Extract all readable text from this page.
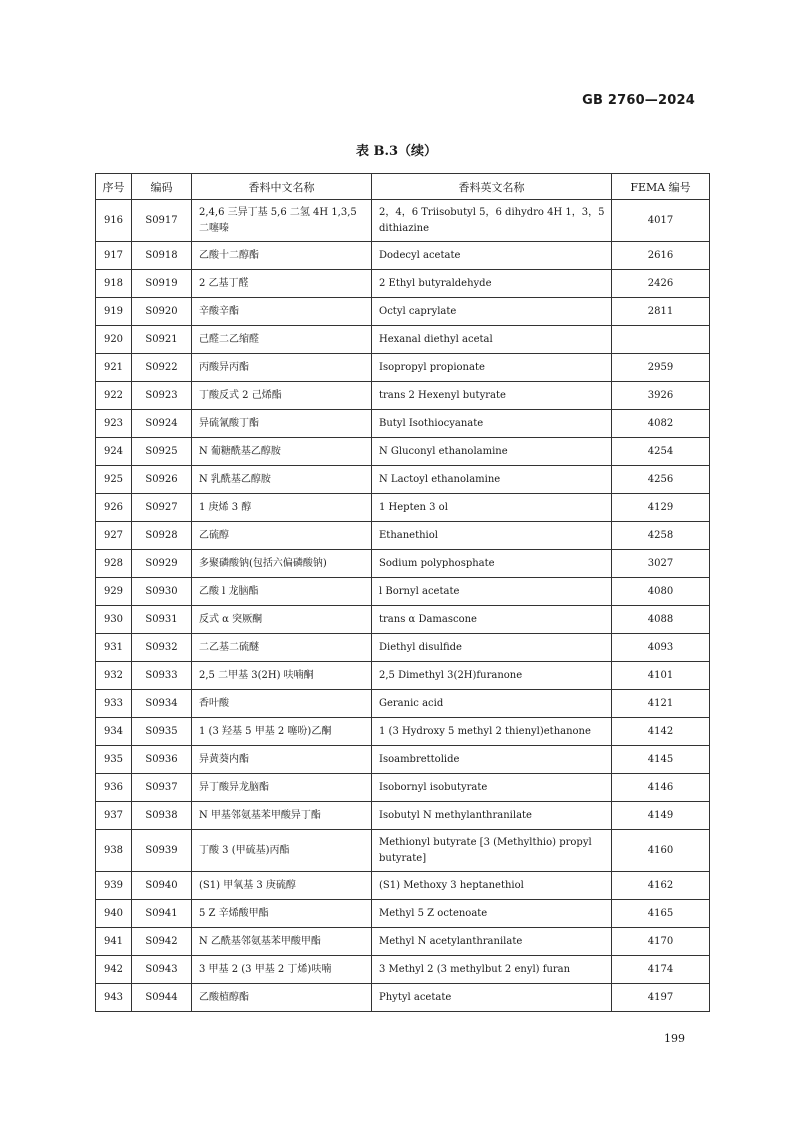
GB 2760—2024
表 B.3（续）
序号	编码	香料中文名称	香料英文名称	FEMA 编号
916	S0917	2,4,6 三异丁基 5,6 二氢 4H 1,3,5 二噻嗪	2，4，6 Triisobutyl 5，6 dihydro 4H 1，3，5 dithiazine	4017
917	S0918	乙酸十二醇酯	Dodecyl acetate	2616
918	S0919	2 乙基丁醛	2 Ethyl butyraldehyde	2426
919	S0920	辛酸辛酯	Octyl caprylate	2811
920	S0921	己醛二乙缩醛	Hexanal diethyl acetal	
921	S0922	丙酸异丙酯	Isopropyl propionate	2959
922	S0923	丁酸反式 2 己烯酯	trans 2 Hexenyl butyrate	3926
923	S0924	异硫氰酸丁酯	Butyl Isothiocyanate	4082
924	S0925	N 葡糖酰基乙醇胺	N Gluconyl ethanolamine	4254
925	S0926	N 乳酰基乙醇胺	N Lactoyl ethanolamine	4256
926	S0927	1 庚烯 3 醇	1 Hepten 3 ol	4129
927	S0928	乙硫醇	Ethanethiol	4258
928	S0929	多聚磷酸钠(包括六偏磷酸钠)	Sodium polyphosphate	3027
929	S0930	乙酸 l 龙脑酯	l Bornyl acetate	4080
930	S0931	反式 α 突厥酮	trans α Damascone	4088
931	S0932	二乙基二硫醚	Diethyl disulfide	4093
932	S0933	2,5 二甲基 3(2H) 呋喃酮	2,5 Dimethyl 3(2H)furanone	4101
933	S0934	香叶酸	Geranic acid	4121
934	S0935	1 (3 羟基 5 甲基 2 噻吩)乙酮	1 (3 Hydroxy 5 methyl 2 thienyl)ethanone	4142
935	S0936	异黄葵内酯	Isoambrettolide	4145
936	S0937	异丁酸异龙脑酯	Isobornyl isobutyrate	4146
937	S0938	N 甲基邻氨基苯甲酸异丁酯	Isobutyl N methylanthranilate	4149
938	S0939	丁酸 3 (甲硫基)丙酯	Methionyl butyrate [3 (Methylthio) propyl butyrate]	4160
939	S0940	(S1) 甲氧基 3 庚硫醇	(S1) Methoxy 3 heptanethiol	4162
940	S0941	5 Z 辛烯酸甲酯	Methyl 5 Z octenoate	4165
941	S0942	N 乙酰基邻氨基苯甲酸甲酯	Methyl N acetylanthranilate	4170
942	S0943	3 甲基 2 (3 甲基 2 丁烯)呋喃	3 Methyl 2 (3 methylbut 2 enyl) furan	4174
943	S0944	乙酸植醇酯	Phytyl acetate	4197
199
